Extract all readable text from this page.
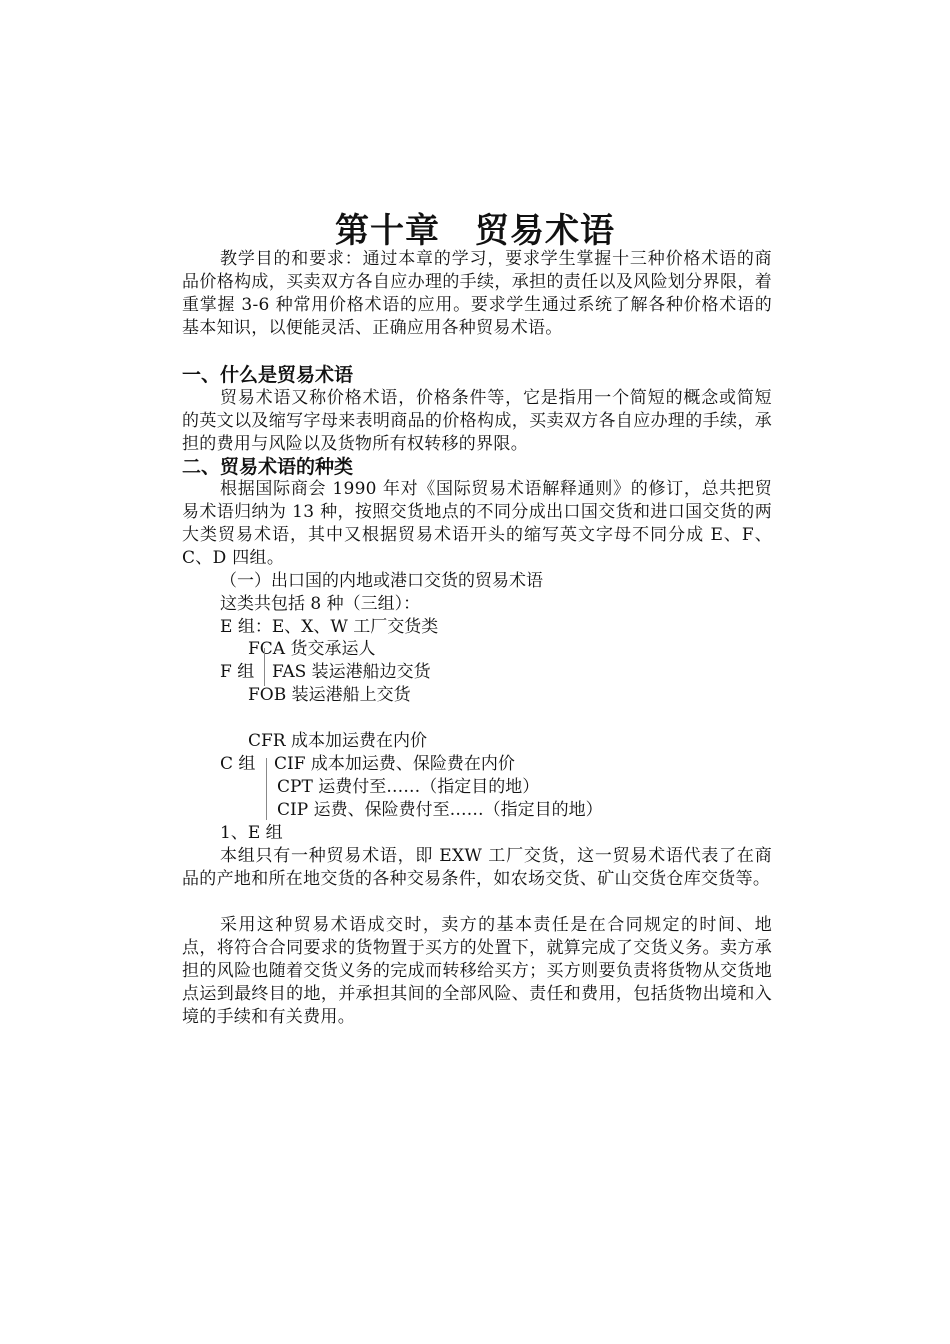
第十章　贸易术语
教学目的和要求：通过本章的学习，要求学生掌握十三种价格术语的商品价格构成，买卖双方各自应办理的手续，承担的责任以及风险划分界限，着重掌握 3-6 种常用价格术语的应用。要求学生通过系统了解各种价格术语的基本知识，以便能灵活、正确应用各种贸易术语。
一、什么是贸易术语
贸易术语又称价格术语，价格条件等，它是指用一个简短的概念或简短的英文以及缩写字母来表明商品的价格构成，买卖双方各自应办理的手续，承担的费用与风险以及货物所有权转移的界限。
二、贸易术语的种类
根据国际商会 1990 年对《国际贸易术语解释通则》的修订，总共把贸易术语归纳为 13 种，按照交货地点的不同分成出口国交货和进口国交货的两大类贸易术语，其中又根据贸易术语开头的缩写英文字母不同分成 E、F、C、D 四组。
（一）出口国的内地或港口交货的贸易术语
这类共包括 8 种（三组）：
E 组：E、X、W 工厂交货类
FCA 货交承运人
F 组 FAS 装运港船边交货
FOB 装运港船上交货
CFR 成本加运费在内价
C 组 CIF 成本加运费、保险费在内价
CPT 运费付至……（指定目的地）
CIP 运费、保险费付至……（指定目的地）
1、E 组
本组只有一种贸易术语，即 EXW 工厂交货，这一贸易术语代表了在商品的产地和所在地交货的各种交易条件，如农场交货、矿山交货仓库交货等。
采用这种贸易术语成交时，卖方的基本责任是在合同规定的时间、地点，将符合合同要求的货物置于买方的处置下，就算完成了交货义务。卖方承担的风险也随着交货义务的完成而转移给买方；买方则要负责将货物从交货地点运到最终目的地，并承担其间的全部风险、责任和费用，包括货物出境和入境的手续和有关费用。
